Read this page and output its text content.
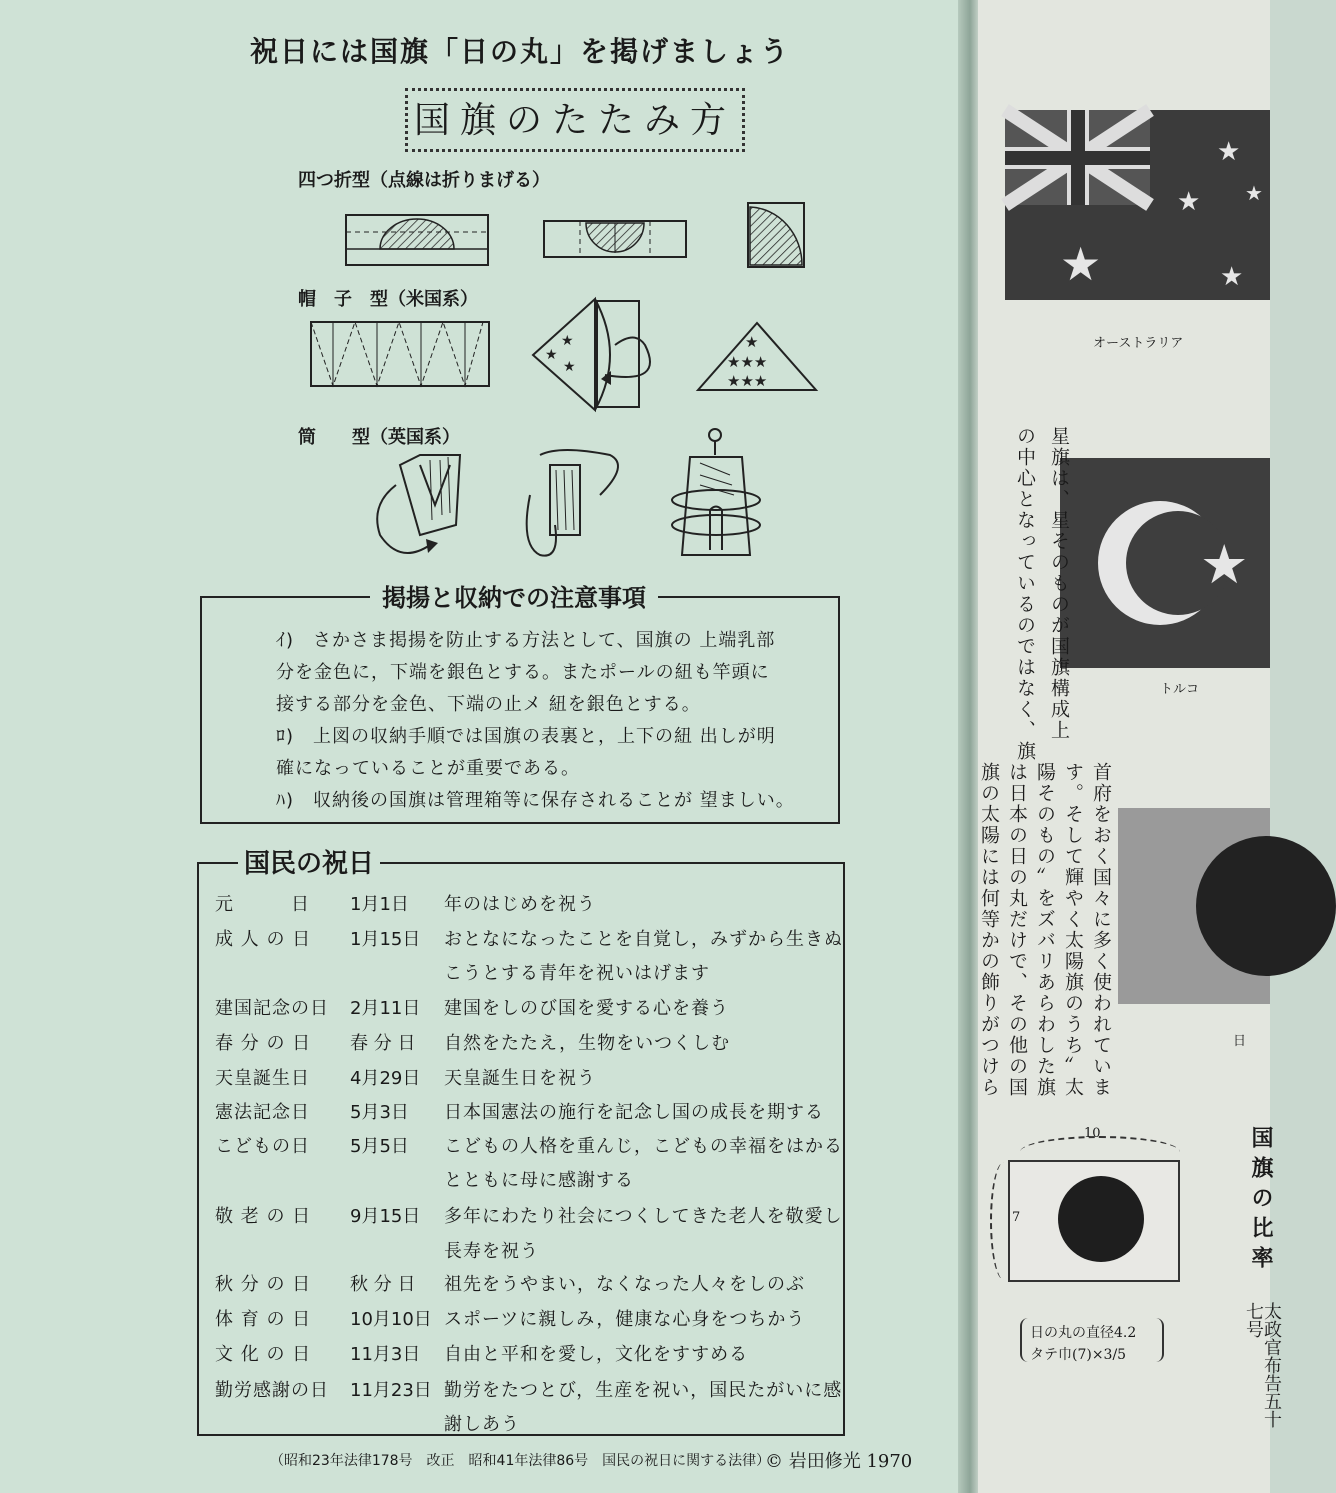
祝日には国旗「日の丸」を掲げましょう
国旗のたたみ方
四つ折型（点線は折りまげる）
帽　子　型（米国系）
★
★
★
★
★★★
★★★
筒　　型（英国系）
掲揚と収納での注意事項
ｲ)　さかさま掲揚を防止する方法として、国旗の 上端乳部
分を金色に，下端を銀色とする。またポールの紐も竿頭に
接する部分を金色、下端の止メ 紐を銀色とする。
ﾛ)　上図の収納手順では国旗の表裏と，上下の紐 出しが明
確になっていることが重要である。
ﾊ)　収納後の国旗は管理箱等に保存されることが 望ましい。
国民の祝日
元　　　日 1月1日 年のはじめを祝う
成 人 の 日 1月15日 おとなになったことを自覚し，みずから生きぬ
こうとする青年を祝いはげます
建国記念の日 2月11日 建国をしのび国を愛する心を養う
春 分 の 日 春 分 日 自然をたたえ，生物をいつくしむ
天皇誕生日 4月29日 天皇誕生日を祝う
憲法記念日 5月3日 日本国憲法の施行を記念し国の成長を期する
こどもの日 5月5日 こどもの人格を重んじ，こどもの幸福をはかる
とともに母に感謝する
敬 老 の 日 9月15日 多年にわたり社会につくしてきた老人を敬愛し
長寿を祝う
秋 分 の 日 秋 分 日 祖先をうやまい，なくなった人々をしのぶ
体 育 の 日 10月10日 スポーツに親しみ，健康な心身をつちかう
文 化 の 日 11月3日 自由と平和を愛し，文化をすすめる
勤労感謝の日 11月23日 勤労をたつとび，生産を祝い，国民たがいに感
謝しあう
（昭和23年法律178号　改正　昭和41年法律86号　国民の祝日に関する法律）
© 岩田修光 1970
★
★
★ ★
★
オーストラリア
★
トルコ
日
星旗は、星そのものが国旗構成上
の中心となっているのではなく、旗
首府をおく国々に多く使われていま
す。そして輝やく太陽旗のうち〞太
陽そのもの〞をズバリあらわした旗
は日本の日の丸だけで、その他の国
旗の太陽には何等かの飾りがつけら
10
7
日の丸の直径4.2
タテ巾(7)×3/5
国旗の比率
太政官布告五十七号
